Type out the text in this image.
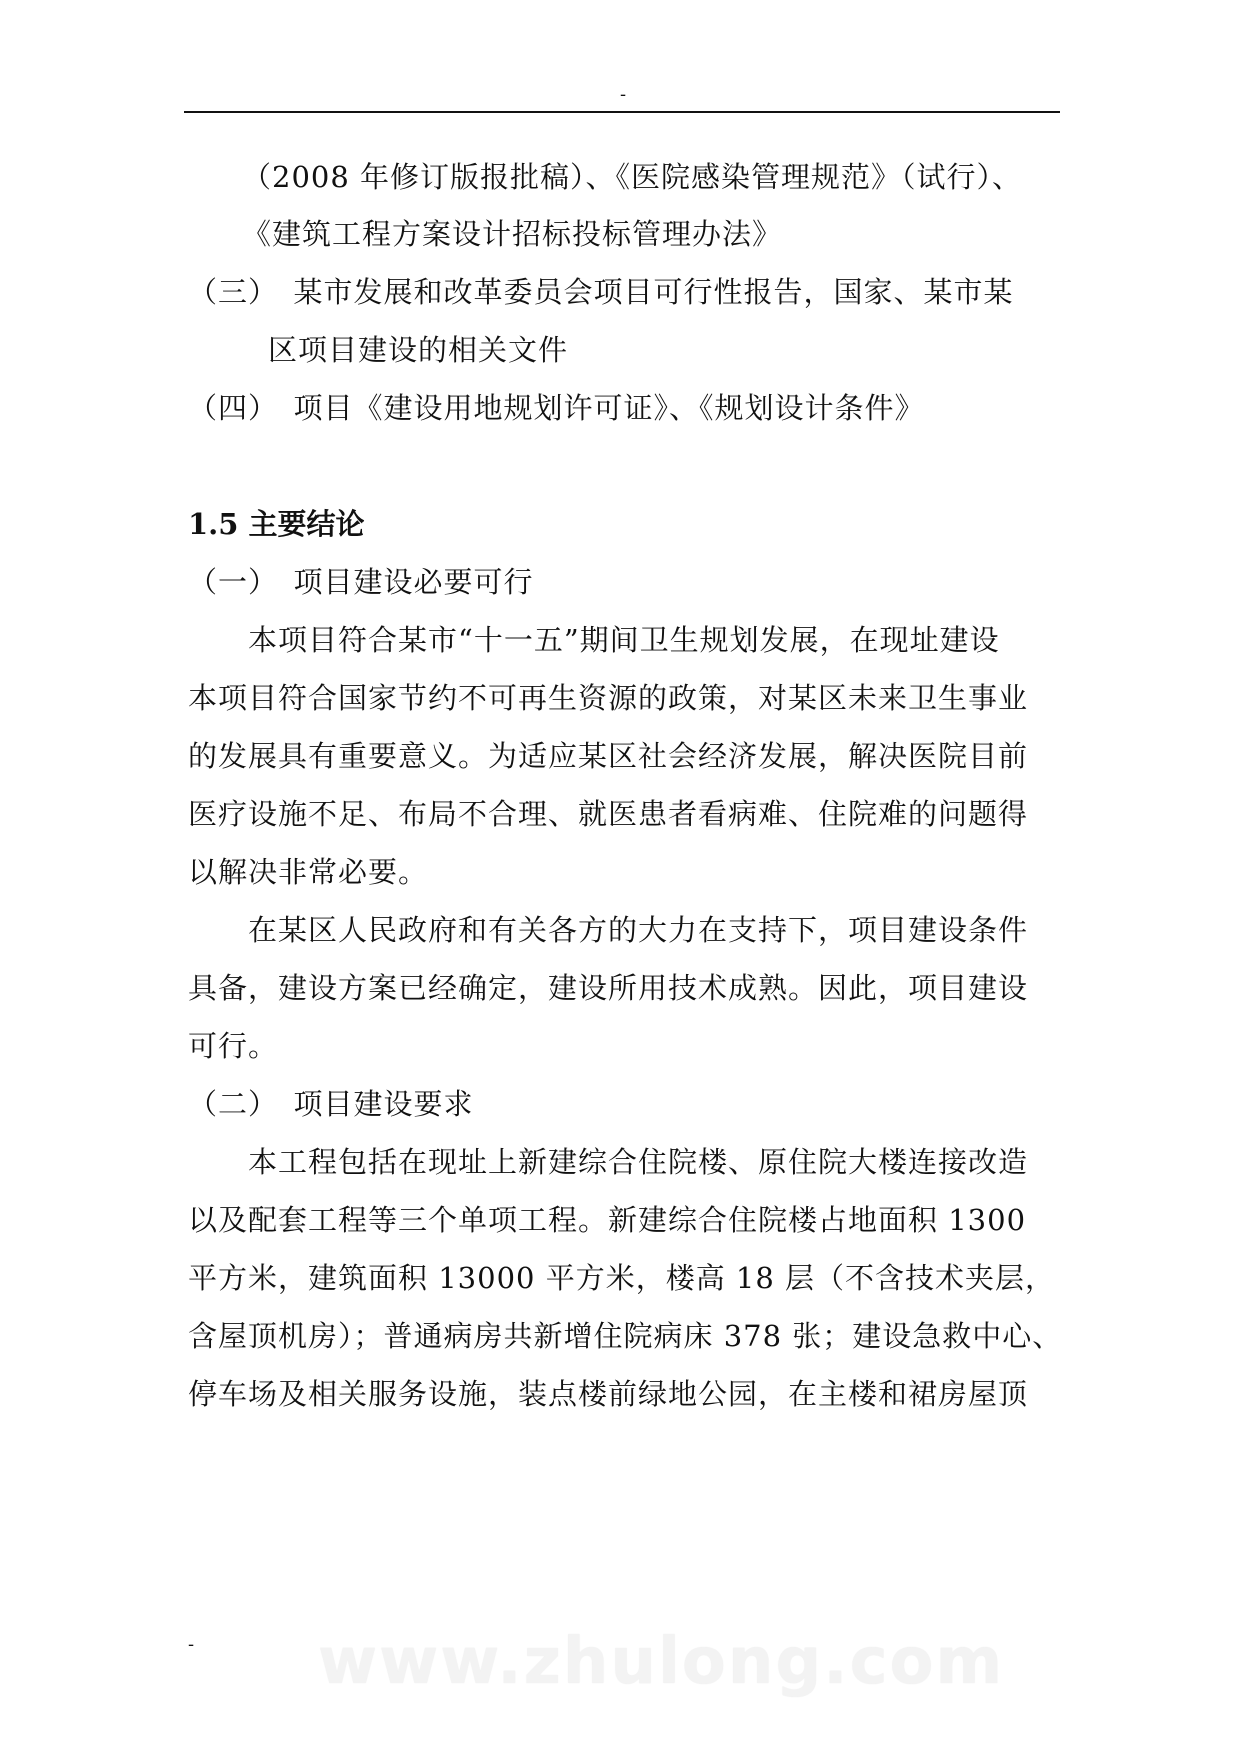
-
（2008 年修订版报批稿）、《医院感染管理规范》（试行）、
《建筑工程方案设计招标投标管理办法》
（三）　某市发展和改革委员会项目可行性报告，国家、某市某
区项目建设的相关文件
（四）　项目《建设用地规划许可证》、《规划设计条件》
1.5 主要结论
（一）　项目建设必要可行
本项目符合某市“十一五”期间卫生规划发展，在现址建设
本项目符合国家节约不可再生资源的政策，对某区未来卫生事业
的发展具有重要意义。为适应某区社会经济发展，解决医院目前
医疗设施不足、布局不合理、就医患者看病难、住院难的问题得
以解决非常必要。
在某区人民政府和有关各方的大力在支持下，项目建设条件
具备，建设方案已经确定，建设所用技术成熟。因此，项目建设
可行。
（二）　项目建设要求
本工程包括在现址上新建综合住院楼、原住院大楼连接改造
以及配套工程等三个单项工程。新建综合住院楼占地面积 1300
平方米，建筑面积 13000 平方米，楼高 18 层（不含技术夹层，
含屋顶机房）；普通病房共新增住院病床 378 张；建设急救中心、
停车场及相关服务设施，装点楼前绿地公园，在主楼和裙房屋顶
- www.zhulong.com
